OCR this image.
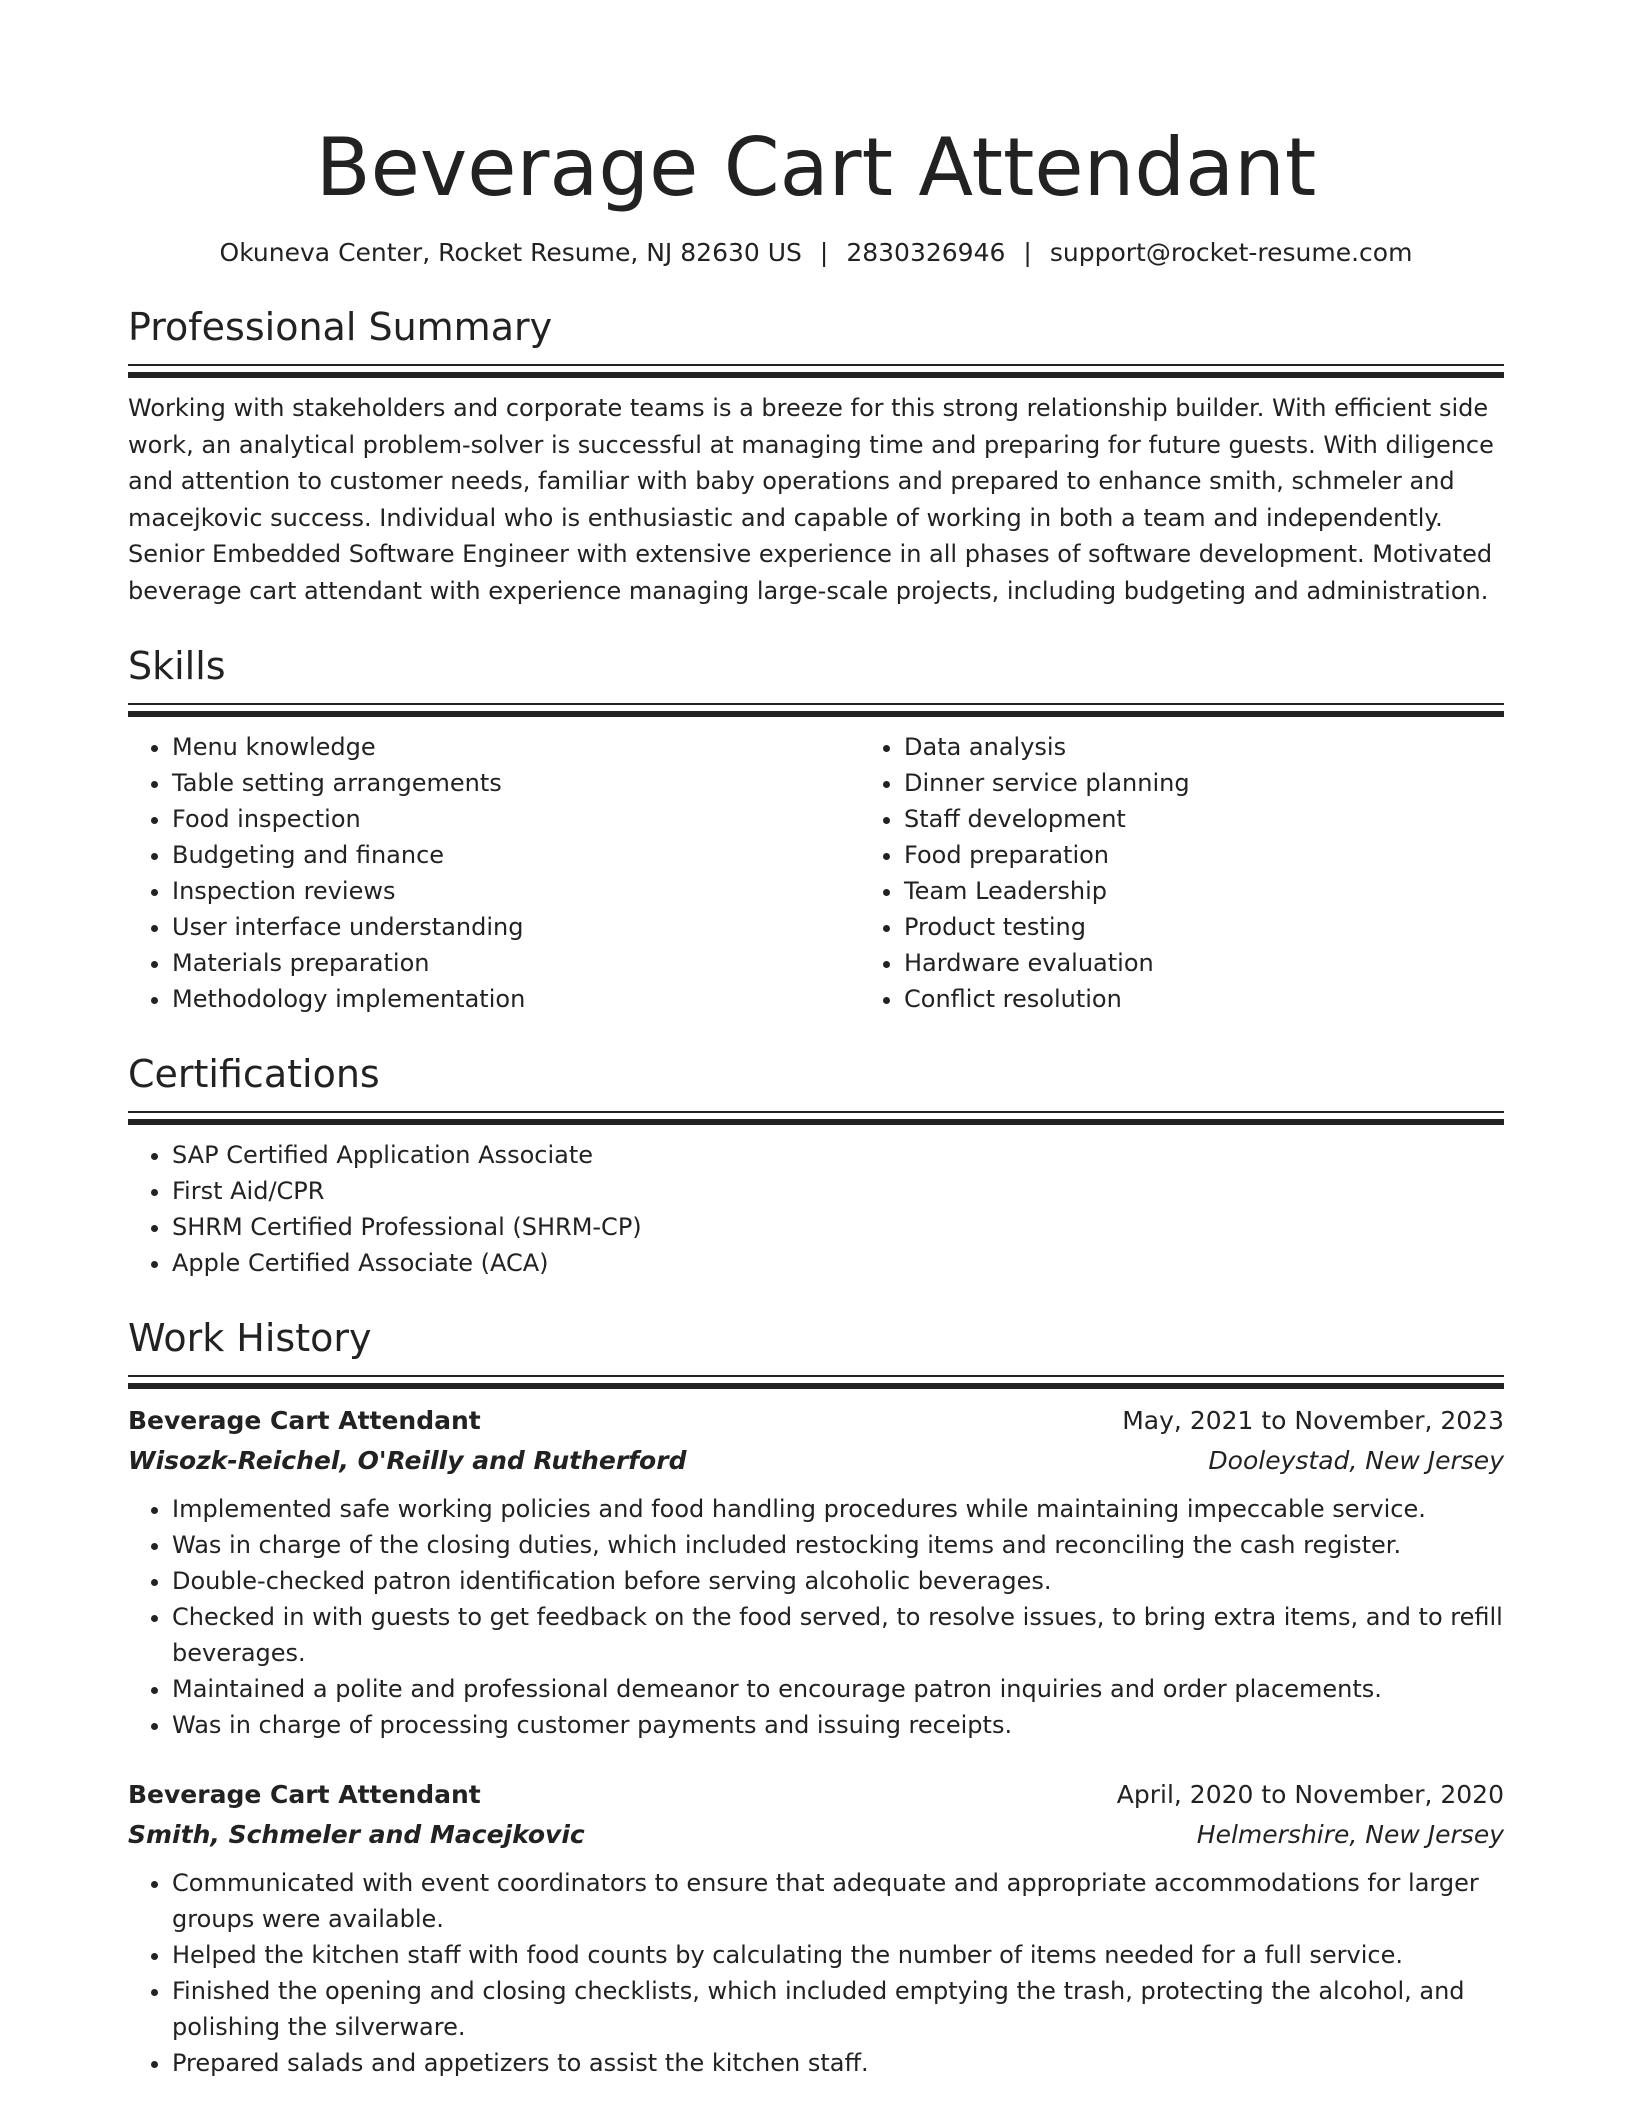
Beverage Cart Attendant
Okuneva Center, Rocket Resume, NJ 82630 US | 2830326946 | support@rocket-resume.com
Professional Summary

Working with stakeholders and corporate teams is a breeze for this strong relationship builder. With efficient side work, an analytical problem-solver is successful at managing time and preparing for future guests. With diligence and attention to customer needs, familiar with baby operations and prepared to enhance smith, schmeler and macejkovic success. Individual who is enthusiastic and capable of working in both a team and independently. Senior Embedded Software Engineer with extensive experience in all phases of software development. Motivated beverage cart attendant with experience managing large-scale projects, including budgeting and administration.

Skills
• Menu knowledge
• Table setting arrangements
• Food inspection
• Budgeting and finance
• Inspection reviews
• User interface understanding
• Materials preparation
• Methodology implementation
• Data analysis
• Dinner service planning
• Staff development
• Food preparation
• Team Leadership
• Product testing
• Hardware evaluation
• Conflict resolution
Certifications
• SAP Certified Application Associate
• First Aid/CPR
• SHRM Certified Professional (SHRM-CP)
• Apple Certified Associate (ACA)
Work History
Beverage Cart Attendant	May, 2021 to November, 2023
Wisozk-Reichel, O'Reilly and Rutherford	Dooleystad, New Jersey
• Implemented safe working policies and food handling procedures while maintaining impeccable service.
• Was in charge of the closing duties, which included restocking items and reconciling the cash register.
• Double-checked patron identification before serving alcoholic beverages.
• Checked in with guests to get feedback on the food served, to resolve issues, to bring extra items, and to refill beverages.
• Maintained a polite and professional demeanor to encourage patron inquiries and order placements.
• Was in charge of processing customer payments and issuing receipts.
Beverage Cart Attendant	April, 2020 to November, 2020
Smith, Schmeler and Macejkovic	Helmershire, New Jersey
• Communicated with event coordinators to ensure that adequate and appropriate accommodations for larger groups were available.
• Helped the kitchen staff with food counts by calculating the number of items needed for a full service.
• Finished the opening and closing checklists, which included emptying the trash, protecting the alcohol, and polishing the silverware.
• Prepared salads and appetizers to assist the kitchen staff.
